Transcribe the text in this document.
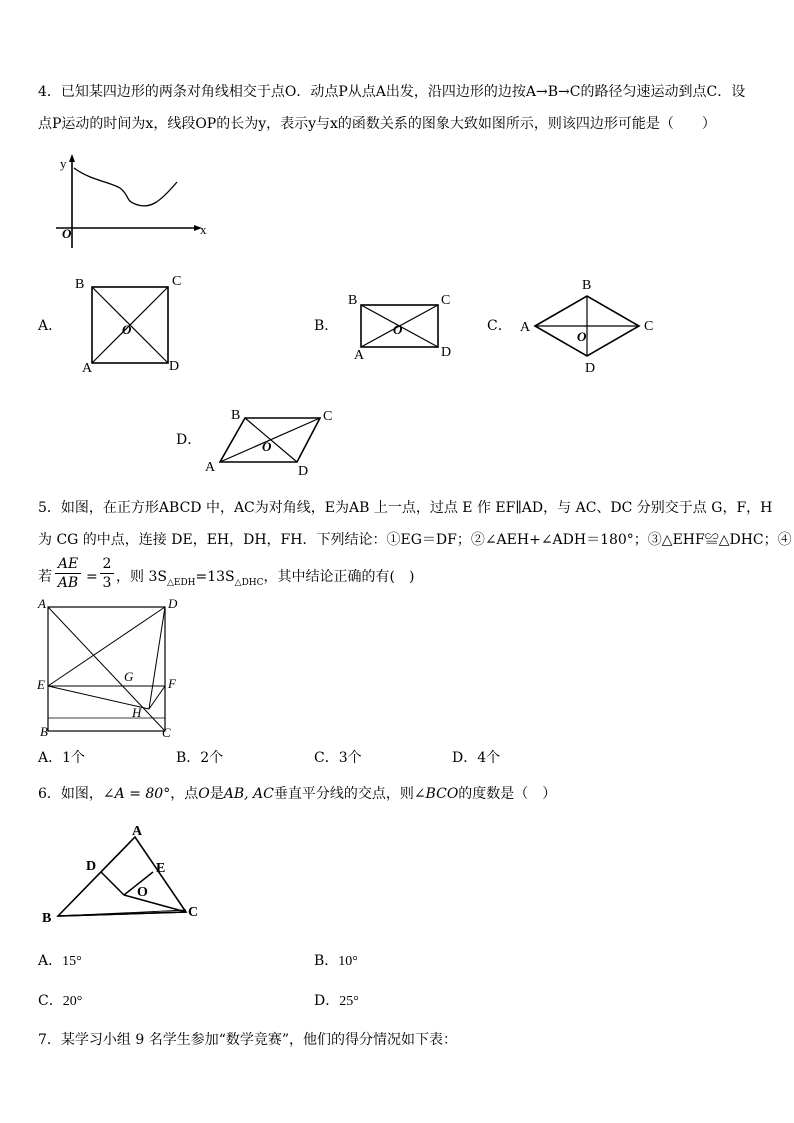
4．已知某四边形的两条对角线相交于点O．动点P从点A出发，沿四边形的边按A→B→C的路径匀速运动到点C．设
点P运动的时间为x，线段OP的长为y，表示y与x的函数关系的图象大致如图所示，则该四边形可能是（　　）
y
x
O
A．
B	C
A	D
O	B．
B	C
A	D
O	C． A
B
C
D
O
D．
B	C
A	D
O
5．如图，在正方形ABCD 中，AC为对角线，E为AB 上一点，过点 E 作 EF∥AD，与 AC、DC 分别交于点 G，F，H
为 CG 的中点，连接 DE，EH，DH，FH．下列结论：①EG＝DF；②∠AEH+∠ADH＝180°；③△EHF≌△DHC；④
若
AE
AB =
2
3 ，则 $3S_{\triangle EDH}=13S_{\triangle DHC}$，其中结论正确的有(　)
A	D
E
G	F
H
B	C
A．1个	B．2个	C．3个	D．4个
6．如图，∠A = 80°，点O是AB, AC垂直平分线的交点，则∠BCO的度数是（　）
A
D	E
O
B	C
A．15°	B．10°
C．20°	D．25°
7．某学习小组 9 名学生参加“数学竞赛”，他们的得分情况如下表：
